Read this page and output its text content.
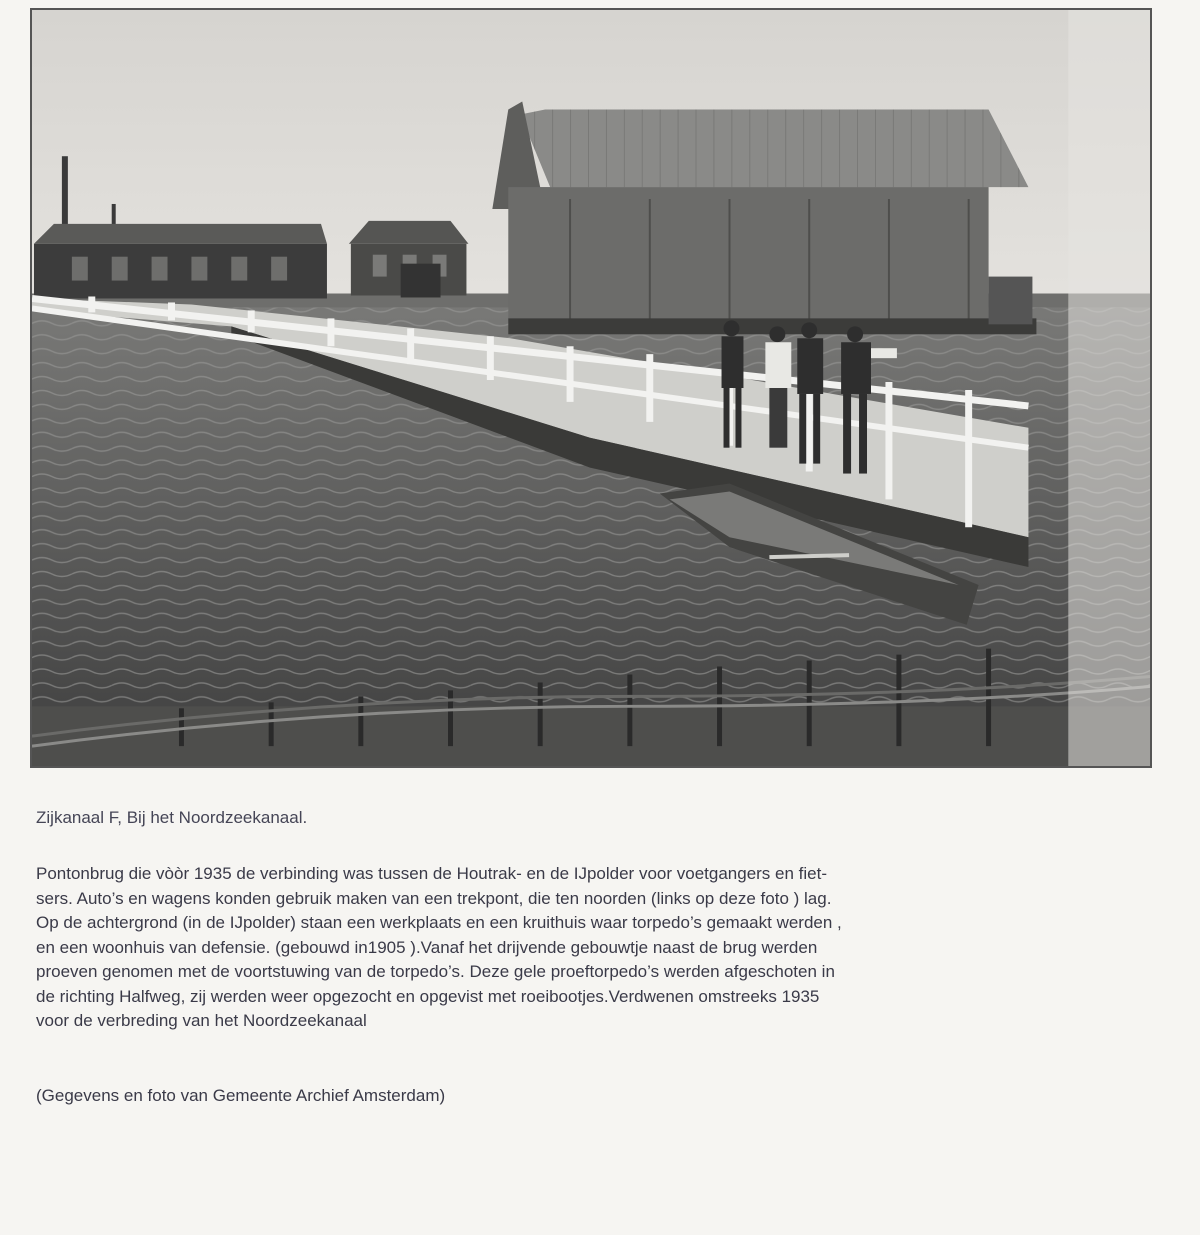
Zijkanaal F, Bij het Noordzeekanaal.

Pontonbrug die vòòr 1935 de verbinding was tussen de Houtrak- en de IJpolder voor voetgangers en fiet-
sers. Auto’s en wagens konden gebruik maken van een trekpont, die ten noorden (links op deze foto ) lag.
Op de achtergrond (in de IJpolder) staan een werkplaats en een kruithuis waar torpedo’s gemaakt werden ,
en een woonhuis van defensie. (gebouwd in1905 ).Vanaf het drijvende gebouwtje naast de brug werden
proeven genomen met de voortstuwing van de torpedo’s. Deze gele proeftorpedo’s werden afgeschoten in
de richting Halfweg, zij werden weer opgezocht en opgevist met roeibootjes.Verdwenen omstreeks 1935
voor de verbreding van het Noordzeekanaal

(Gegevens en foto van Gemeente Archief Amsterdam)
